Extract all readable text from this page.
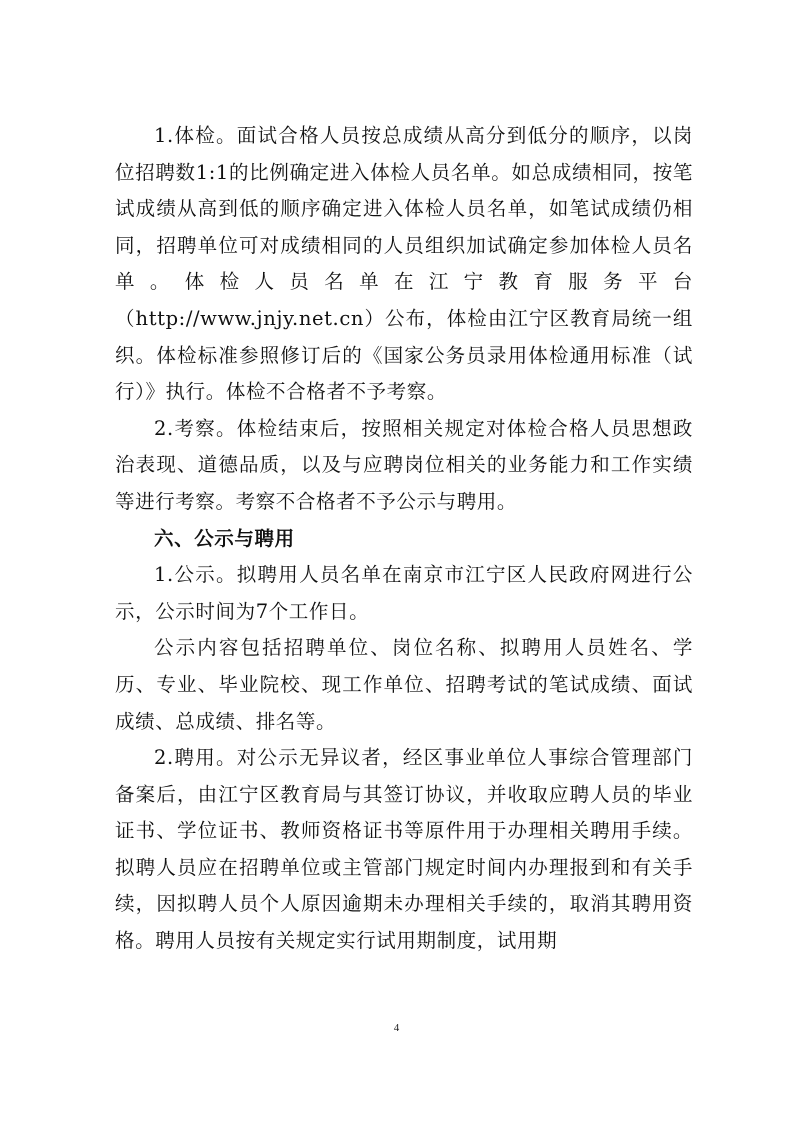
1.体检。面试合格人员按总成绩从高分到低分的顺序，以岗位招聘数1:1的比例确定进入体检人员名单。如总成绩相同，按笔试成绩从高到低的顺序确定进入体检人员名单，如笔试成绩仍相同，招聘单位可对成绩相同的人员组织加试确定参加体检人员名单。体检人员名单在江宁教育服务平台（http://www.jnjy.net.cn）公布，体检由江宁区教育局统一组织。体检标准参照修订后的《国家公务员录用体检通用标准（试行）》执行。体检不合格者不予考察。

2.考察。体检结束后，按照相关规定对体检合格人员思想政治表现、道德品质，以及与应聘岗位相关的业务能力和工作实绩等进行考察。考察不合格者不予公示与聘用。

六、公示与聘用

1.公示。拟聘用人员名单在南京市江宁区人民政府网进行公示，公示时间为7个工作日。

公示内容包括招聘单位、岗位名称、拟聘用人员姓名、学历、专业、毕业院校、现工作单位、招聘考试的笔试成绩、面试成绩、总成绩、排名等。

2.聘用。对公示无异议者，经区事业单位人事综合管理部门备案后，由江宁区教育局与其签订协议，并收取应聘人员的毕业证书、学位证书、教师资格证书等原件用于办理相关聘用手续。拟聘人员应在招聘单位或主管部门规定时间内办理报到和有关手续，因拟聘人员个人原因逾期未办理相关手续的，取消其聘用资格。聘用人员按有关规定实行试用期制度，试用期

4
